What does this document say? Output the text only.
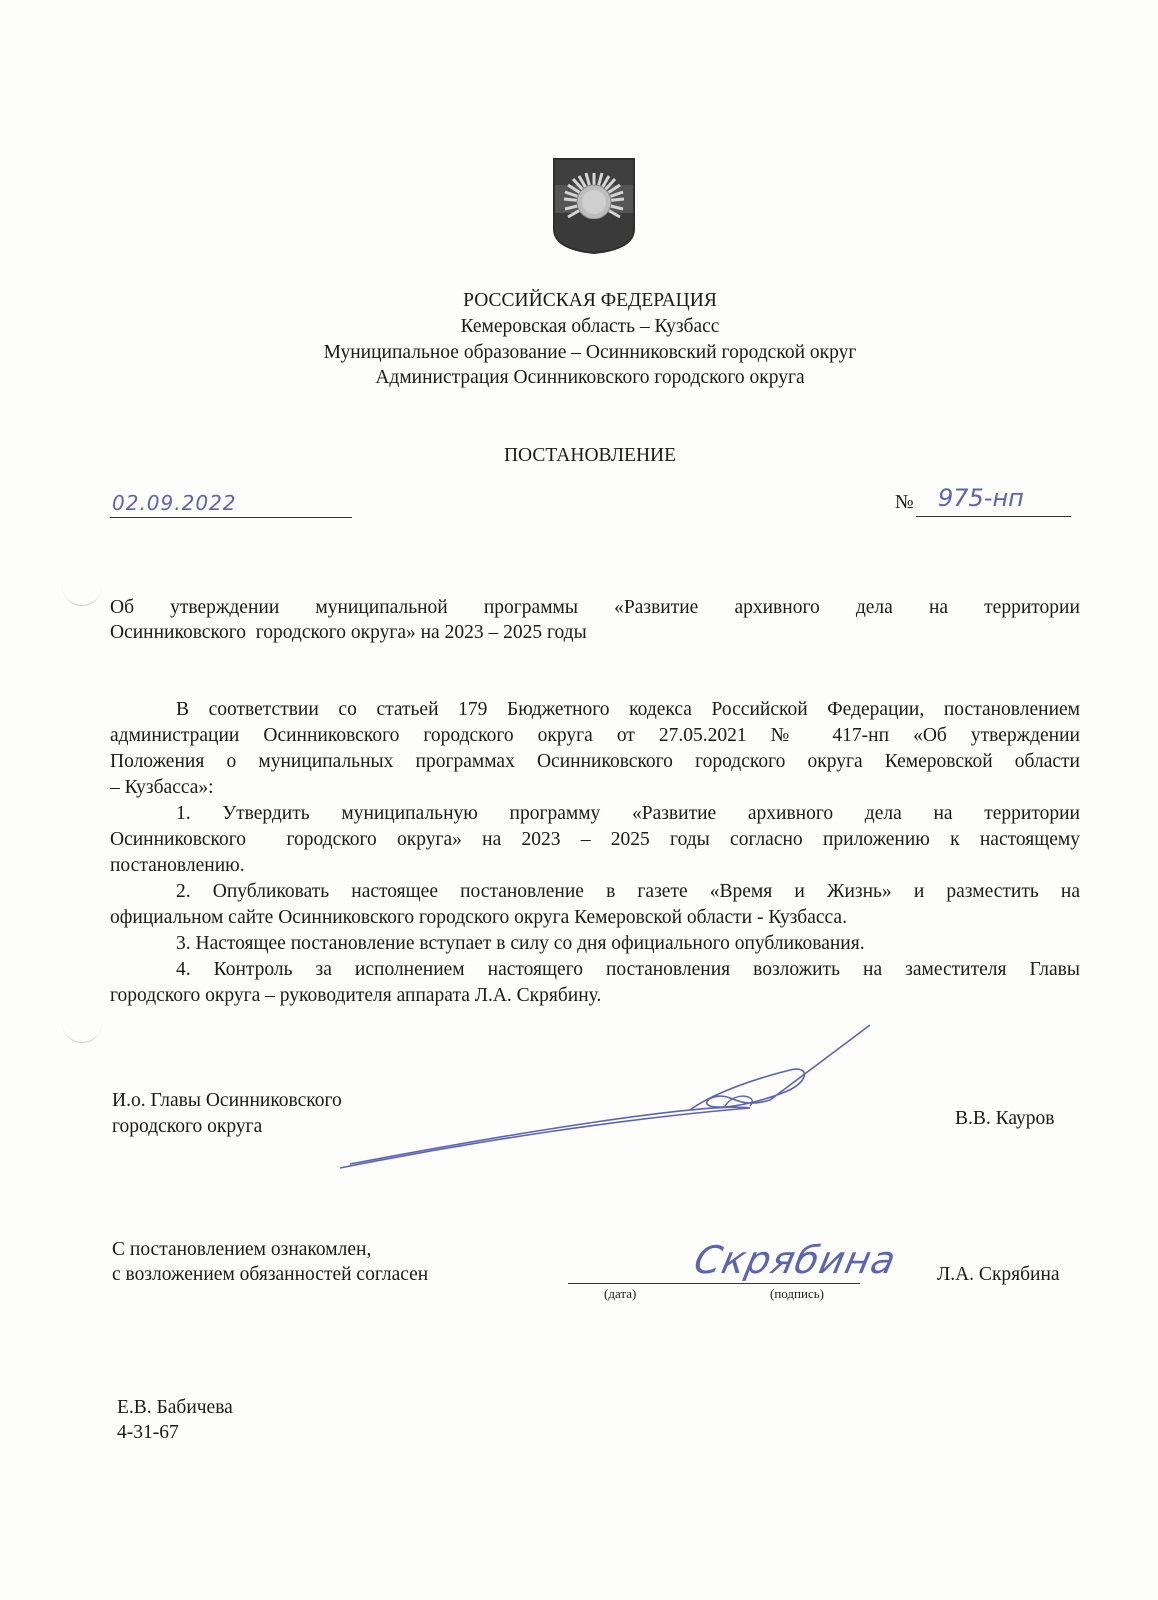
РОССИЙСКАЯ ФЕДЕРАЦИЯ
Кемеровская область – Кузбасс
Муниципальное образование – Осинниковский городской округ
Администрация Осинниковского городского округа
ПОСТАНОВЛЕНИЕ
02.09.2022	№	975-нп
Об утверждении муниципальной программы «Развитие архивного дела на территории
Осинниковского  городского округа» на 2023 – 2025 годы
В соответствии со статьей 179 Бюджетного кодекса Российской Федерации, постановлением
администрации Осинниковского городского округа от 27.05.2021 № 417-нп «Об утверждении
Положения о муниципальных программах Осинниковского городского округа Кемеровской области
– Кузбасса»:
1. Утвердить муниципальную программу «Развитие архивного дела на территории
Осинниковского  городского округа» на 2023 – 2025 годы согласно приложению к настоящему
постановлению.
2. Опубликовать настоящее постановление в газете «Время и Жизнь» и разместить на
официальном сайте Осинниковского городского округа Кемеровской области - Кузбасса.
3. Настоящее постановление вступает в силу со дня официального опубликования.
4. Контроль за исполнением настоящего постановления возложить на заместителя Главы
городского округа – руководителя аппарата Л.А. Скрябину.
И.о. Главы Осинниковского
городского округа	В.В. Кауров
С постановлением ознакомлен,
с возложением обязанностей согласен
(дата)	(подпись)
Скрябина Л.А. Скрябина
Е.В. Бабичева
4-31-67
